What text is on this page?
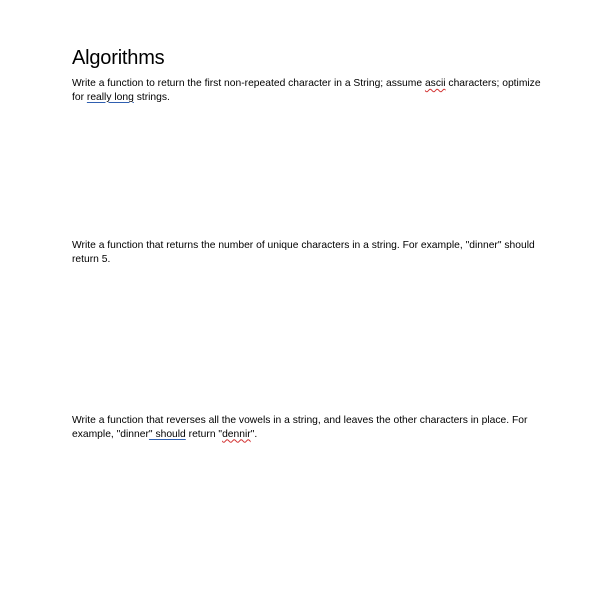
Algorithms

Write a function to return the first non-repeated character in a String; assume ascii characters; optimize for really long strings.

Write a function that returns the number of unique characters in a string. For example, "dinner" should return 5.

Write a function that reverses all the vowels in a string, and leaves the other characters in place. For example, "dinner" should return "dennir".
